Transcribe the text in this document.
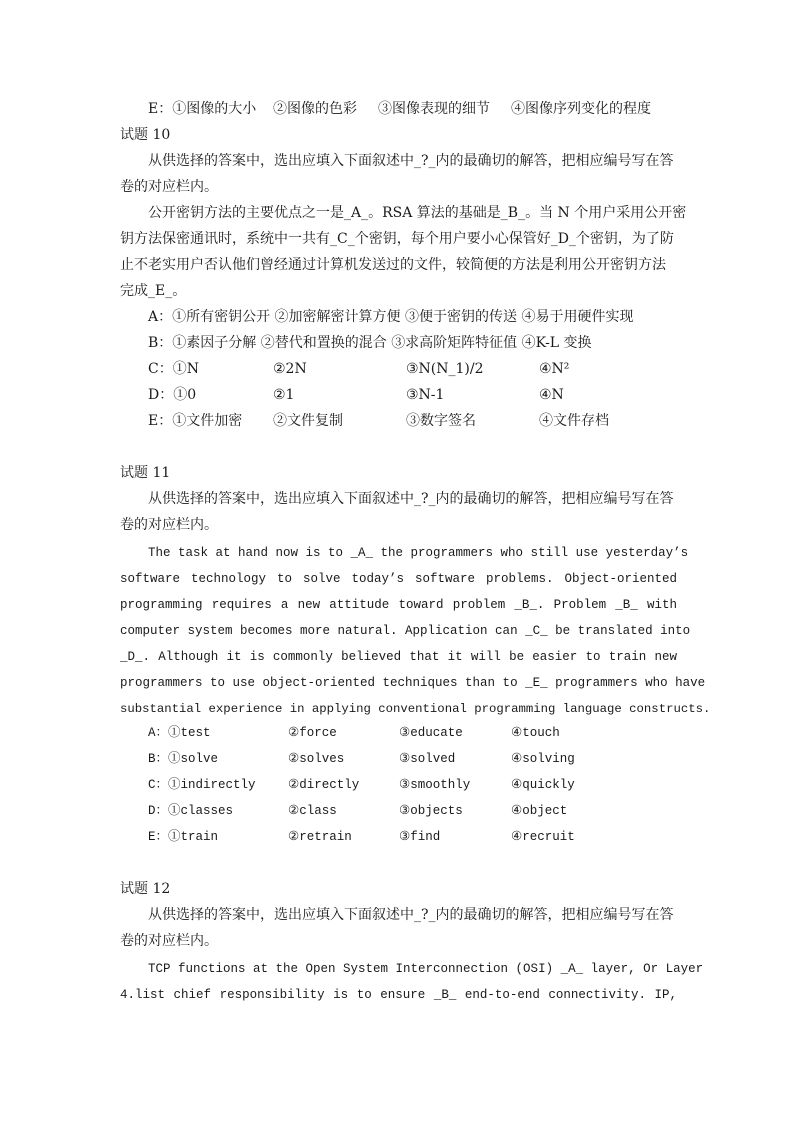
E：①图像的大小 ②图像的色彩 ③图像表现的细节 ④图像序列变化的程度
试题 10
从供选择的答案中，选出应填入下面叙述中_?_内的最确切的解答，把相应编号写在答
卷的对应栏内。
公开密钥方法的主要优点之一是_A_。RSA 算法的基础是_B_。当 N 个用户采用公开密
钥方法保密通讯时，系统中一共有_C_个密钥，每个用户要小心保管好_D_个密钥，为了防
止不老实用户否认他们曾经通过计算机发送过的文件，较简便的方法是利用公开密钥方法
完成_E_。
A：①所有密钥公开 ②加密解密计算方便 ③便于密钥的传送 ④易于用硬件实现
B：①素因子分解 ②替代和置换的混合 ③求高阶矩阵特征值 ④K-L 变换
C：①N	②2N	③N(N_1)/2	④N²
D：①0	②1	③N-1	④N
E：①文件加密 ②文件复制	③数字签名	④文件存档
试题 11
从供选择的答案中，选出应填入下面叙述中_?_内的最确切的解答，把相应编号写在答
卷的对应栏内。
The task at hand now is to _A_ the programmers who still use yesterday’s
software technology to solve today’s software problems. Object-oriented
programming requires a new attitude toward problem _B_. Problem _B_ with
computer system becomes more natural. Application can _C_ be translated into
_D_. Although it is commonly believed that it will be easier to train new
programmers to use object-oriented techniques than to _E_ programmers who have
substantial experience in applying conventional programming language constructs.
A：①test	②force	③educate	④touch
B：①solve	②solves	③solved	④solving
C：①indirectly	②directly	③smoothly	④quickly
D：①classes	②class	③objects	④object
E：①train	②retrain	③find	④recruit
试题 12
从供选择的答案中，选出应填入下面叙述中_?_内的最确切的解答，把相应编号写在答
卷的对应栏内。
TCP functions at the Open System Interconnection (OSI) _A_ layer, Or Layer
4.list chief responsibility is to ensure _B_ end-to-end connectivity. IP,
